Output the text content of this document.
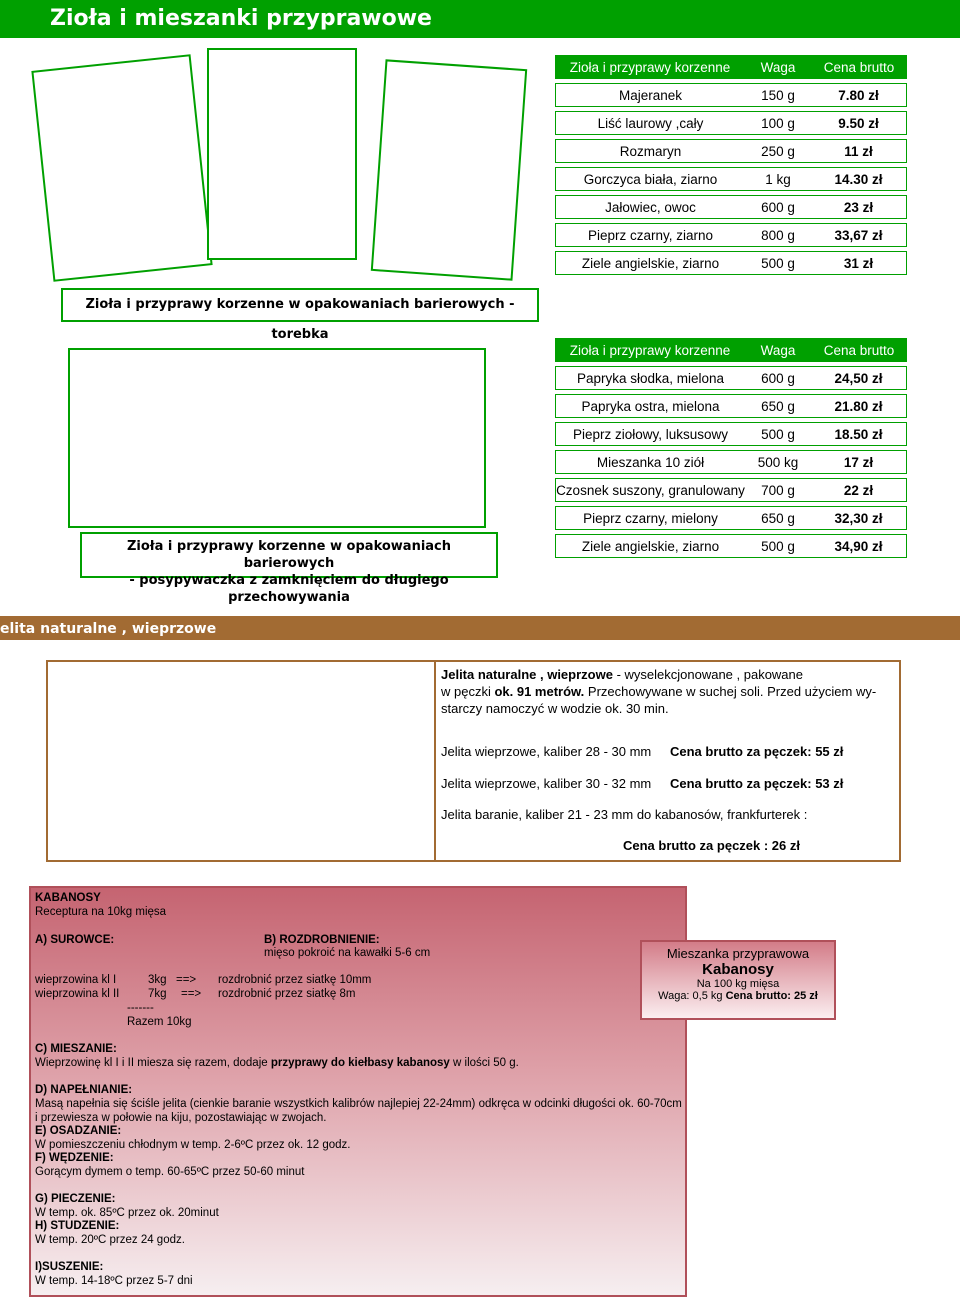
Zioła i mieszanki przyprawowe
Zioła i przyprawy korzenne	Waga	Cena brutto
Majeranek	150 g	7.80 zł
Liść laurowy ,cały	100 g	9.50 zł
Rozmaryn	250 g	11 zł
Gorczyca biała, ziarno	1 kg	14.30 zł
Jałowiec, owoc	600 g	23 zł
Pieprz czarny, ziarno	800 g	33,67 zł
Ziele angielskie, ziarno	500 g	31 zł
Zioła i przyprawy korzenne w opakowaniach barierowych - torebka
Zioła i przyprawy korzenne	Waga	Cena brutto
Papryka słodka, mielona	600 g	24,50 zł
Papryka ostra, mielona	650 g	21.80 zł
Pieprz ziołowy, luksusowy	500 g	18.50 zł
Mieszanka 10 ziół	500 kg	17 zł
Czosnek suszony, granulowany	700 g	22 zł
Pieprz czarny, mielony	650 g	32,30 zł
Ziele angielskie, ziarno	500 g	34,90 zł
Zioła i przyprawy korzenne w opakowaniach barierowych
- posypywaczka z zamknięciem do długiego przechowywania
elita naturalne , wieprzowe
Jelita naturalne , wieprzowe - wyselekcjonowane , pakowane
w pęczki ok. 91 metrów. Przechowywane w suchej soli. Przed użyciem wy-
starczy namoczyć w wodzie ok. 30 min.
Jelita wieprzowe, kaliber 28 - 30 mm Cena brutto za pęczek: 55 zł
Jelita wieprzowe, kaliber 30 - 32 mm Cena brutto za pęczek: 53 zł
Jelita baranie, kaliber 21 - 23 mm do kabanosów, frankfurterek :
Cena brutto za pęczek : 26 zł
KABANOSY
Receptura na 10kg mięsa
A) SUROWCE:	B) ROZDROBNIENIE:
mięso pokroić na kawałki 5-6 cm
wieprzowina kl I	3kg ==> rozdrobnić przez siatkę 10mm
wieprzowina kl II 7kg ==> rozdrobnić przez siatkę 8m
-------
Razem 10kg
C) MIESZANIE:
Wieprzowinę kl I i II miesza się razem, dodaje przyprawy do kiełbasy kabanosy w ilości 50 g.
D) NAPEŁNIANIE:
Masą napełnia się ściśle jelita (cienkie baranie wszystkich kalibrów najlepiej 22-24mm) odkręca w odcinki długości ok. 60-70cm
i przewiesza w połowie na kiju, pozostawiając w zwojach.
E) OSADZANIE:
W pomieszczeniu chłodnym w temp. 2-6ºC przez ok. 12 godz.
F) WĘDZENIE:
Gorącym dymem o temp. 60-65ºC przez 50-60 minut
G) PIECZENIE:
W temp. ok. 85ºC przez ok. 20minut
H) STUDZENIE:
W temp. 20ºC przez 24 godz.
I)SUSZENIE:
W temp. 14-18ºC przez 5-7 dni
Mieszanka przyprawowa
Kabanosy
Na 100 kg mięsa
Waga: 0,5 kg Cena brutto: 25 zł
